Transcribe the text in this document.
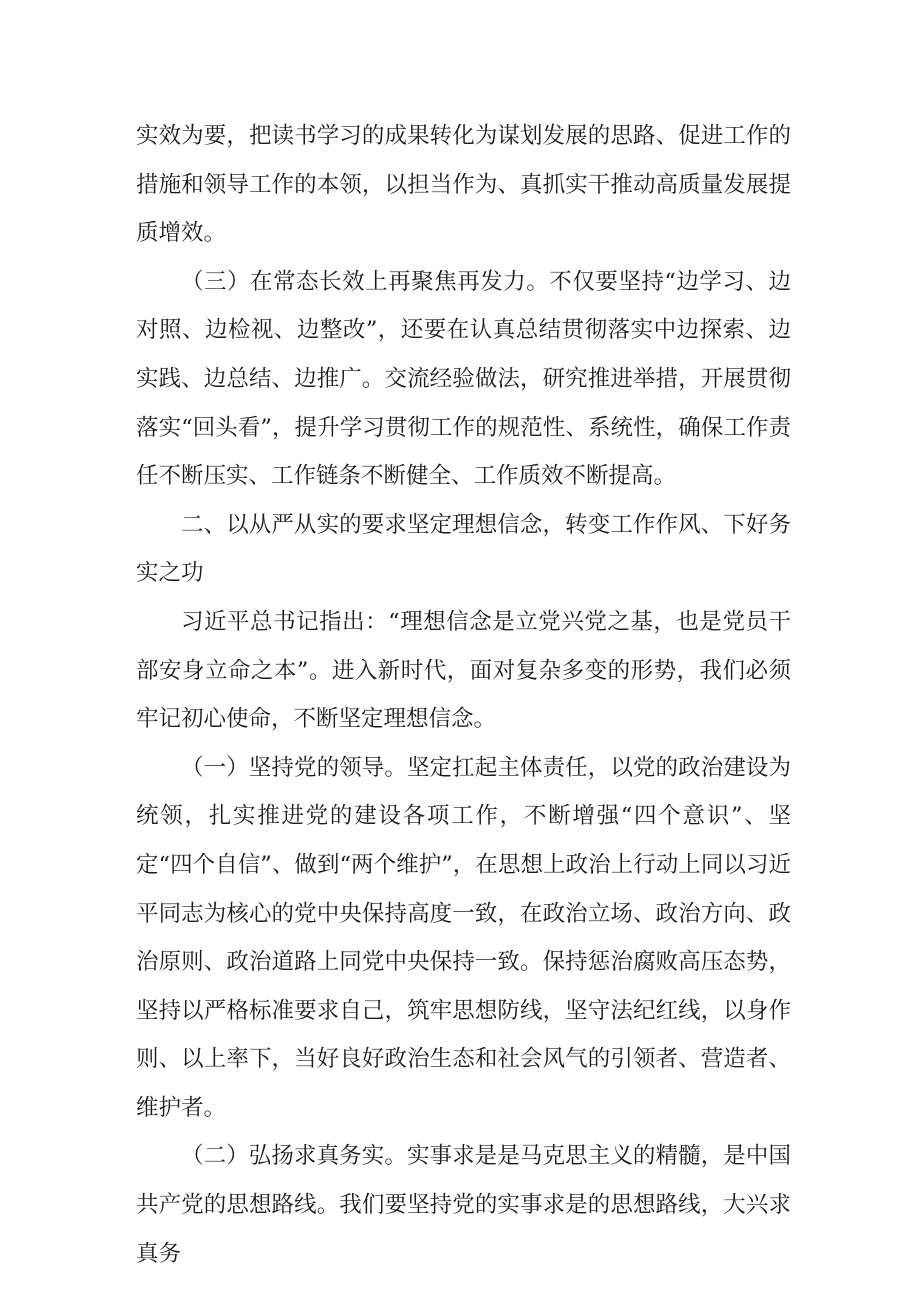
实效为要，把读书学习的成果转化为谋划发展的思路、促进工作的措施和领导工作的本领，以担当作为、真抓实干推动高质量发展提质增效。

（三）在常态长效上再聚焦再发力。不仅要坚持“边学习、边对照、边检视、边整改”，还要在认真总结贯彻落实中边探索、边实践、边总结、边推广。交流经验做法，研究推进举措，开展贯彻落实“回头看”，提升学习贯彻工作的规范性、系统性，确保工作责任不断压实、工作链条不断健全、工作质效不断提高。

二、以从严从实的要求坚定理想信念，转变工作作风、下好务实之功

习近平总书记指出：“理想信念是立党兴党之基，也是党员干部安身立命之本”。进入新时代，面对复杂多变的形势，我们必须牢记初心使命，不断坚定理想信念。

（一）坚持党的领导。坚定扛起主体责任，以党的政治建设为统领，扎实推进党的建设各项工作，不断增强“四个意识”、坚定“四个自信”、做到“两个维护”，在思想上政治上行动上同以习近平同志为核心的党中央保持高度一致，在政治立场、政治方向、政治原则、政治道路上同党中央保持一致。保持惩治腐败高压态势，坚持以严格标准要求自己，筑牢思想防线，坚守法纪红线，以身作则、以上率下，当好良好政治生态和社会风气的引领者、营造者、维护者。

（二）弘扬求真务实。实事求是是马克思主义的精髓，是中国共产党的思想路线。我们要坚持党的实事求是的思想路线，大兴求真务
